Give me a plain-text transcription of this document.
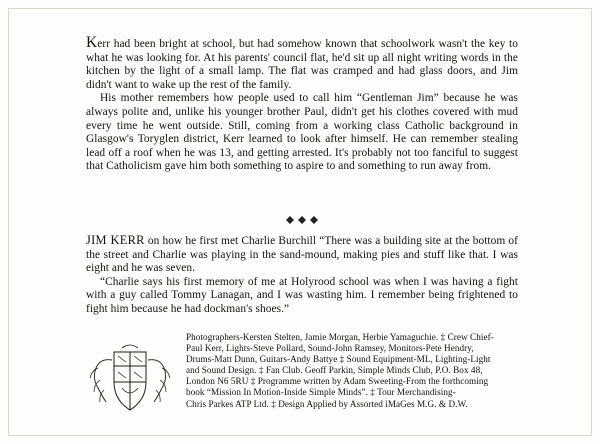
Kerr had been bright at school, but had somehow known that schoolwork wasn't the key to what he was looking for. At his parents' council flat, he'd sit up all night writing words in the kitchen by the light of a small lamp. The flat was cramped and had glass doors, and Jim didn't want to wake up the rest of the family.

His mother remembers how people used to call him “Gentleman Jim” because he was always polite and, unlike his younger brother Paul, didn't get his clothes covered with mud every time he went outside. Still, coming from a working class Catholic background in Glasgow's Toryglen district, Kerr learned to look after himself. He can remember stealing lead off a roof when he was 13, and getting arrested. It's probably not too fanciful to suggest that Catholicism gave him both something to aspire to and something to run away from.

JIM KERR on how he first met Charlie Burchill “There was a building site at the bottom of the street and Charlie was playing in the sand-mound, making pies and stuff like that. I was eight and he was seven.

“Charlie says his first memory of me at Holyrood school was when I was having a fight with a guy called Tommy Lanagan, and I was wasting him. I remember being frightened to fight him because he had dockman's shoes.”

Photographers-Kersten Stelten, Jamie Morgan, Herbie Yamaguchie. ‡ Crew Chief-
Paul Kerr, Lights-Steve Pollard, Sound-John Ramsey, Monitors-Pete Hendry,
Drums-Matt Dunn, Guitars-Andy Battye ‡ Sound Equipment-ML, Lighting-Light
and Sound Design. ‡ Fan Club. Geoff Parkin, Simple Minds Club, P.O. Box 48,
London N6 5RU ‡ Programme written by Adam Sweeting-From the forthcoming
book “Mission In Motion-Inside Simple Minds”. ‡ Tour Merchandising-
Chris Parkes ATP Ltd. ‡ Design Applied by Assorted iMaGes M.G. & D.W.
